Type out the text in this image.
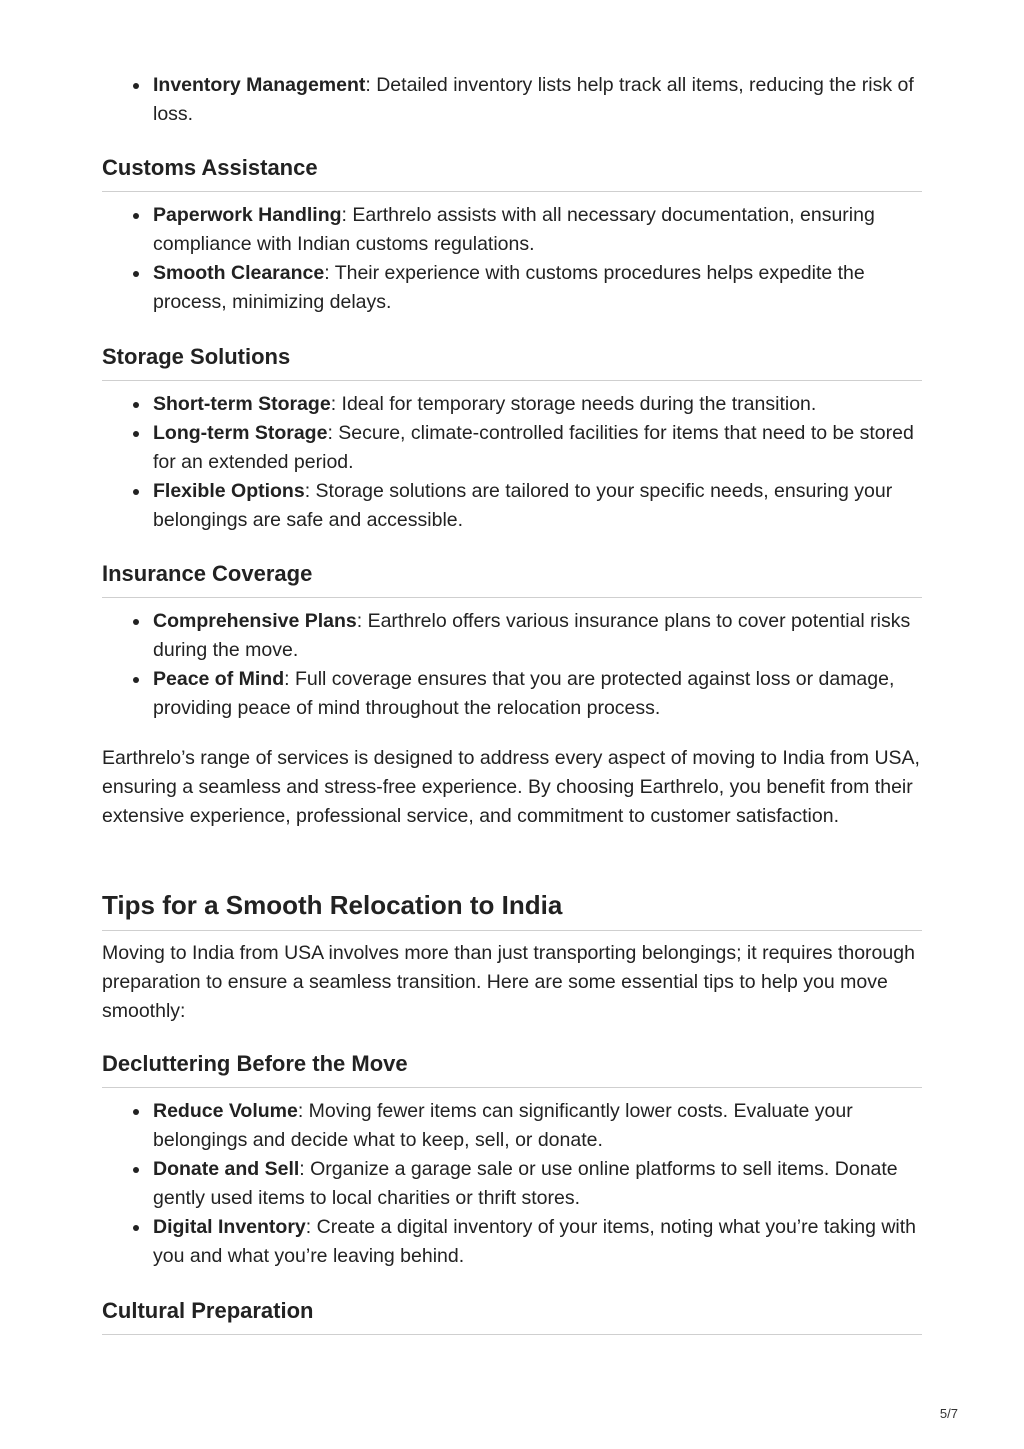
Inventory Management: Detailed inventory lists help track all items, reducing the risk of loss.
Customs Assistance
Paperwork Handling: Earthrelo assists with all necessary documentation, ensuring compliance with Indian customs regulations.
Smooth Clearance: Their experience with customs procedures helps expedite the process, minimizing delays.
Storage Solutions
Short-term Storage: Ideal for temporary storage needs during the transition.
Long-term Storage: Secure, climate-controlled facilities for items that need to be stored for an extended period.
Flexible Options: Storage solutions are tailored to your specific needs, ensuring your belongings are safe and accessible.
Insurance Coverage
Comprehensive Plans: Earthrelo offers various insurance plans to cover potential risks during the move.
Peace of Mind: Full coverage ensures that you are protected against loss or damage, providing peace of mind throughout the relocation process.

Earthrelo’s range of services is designed to address every aspect of moving to India from USA, ensuring a seamless and stress-free experience. By choosing Earthrelo, you benefit from their extensive experience, professional service, and commitment to customer satisfaction.

Tips for a Smooth Relocation to India

Moving to India from USA involves more than just transporting belongings; it requires thorough preparation to ensure a seamless transition. Here are some essential tips to help you move smoothly:

Decluttering Before the Move
Reduce Volume: Moving fewer items can significantly lower costs. Evaluate your belongings and decide what to keep, sell, or donate.
Donate and Sell: Organize a garage sale or use online platforms to sell items. Donate gently used items to local charities or thrift stores.
Digital Inventory: Create a digital inventory of your items, noting what you’re taking with you and what you’re leaving behind.
Cultural Preparation
5/7
